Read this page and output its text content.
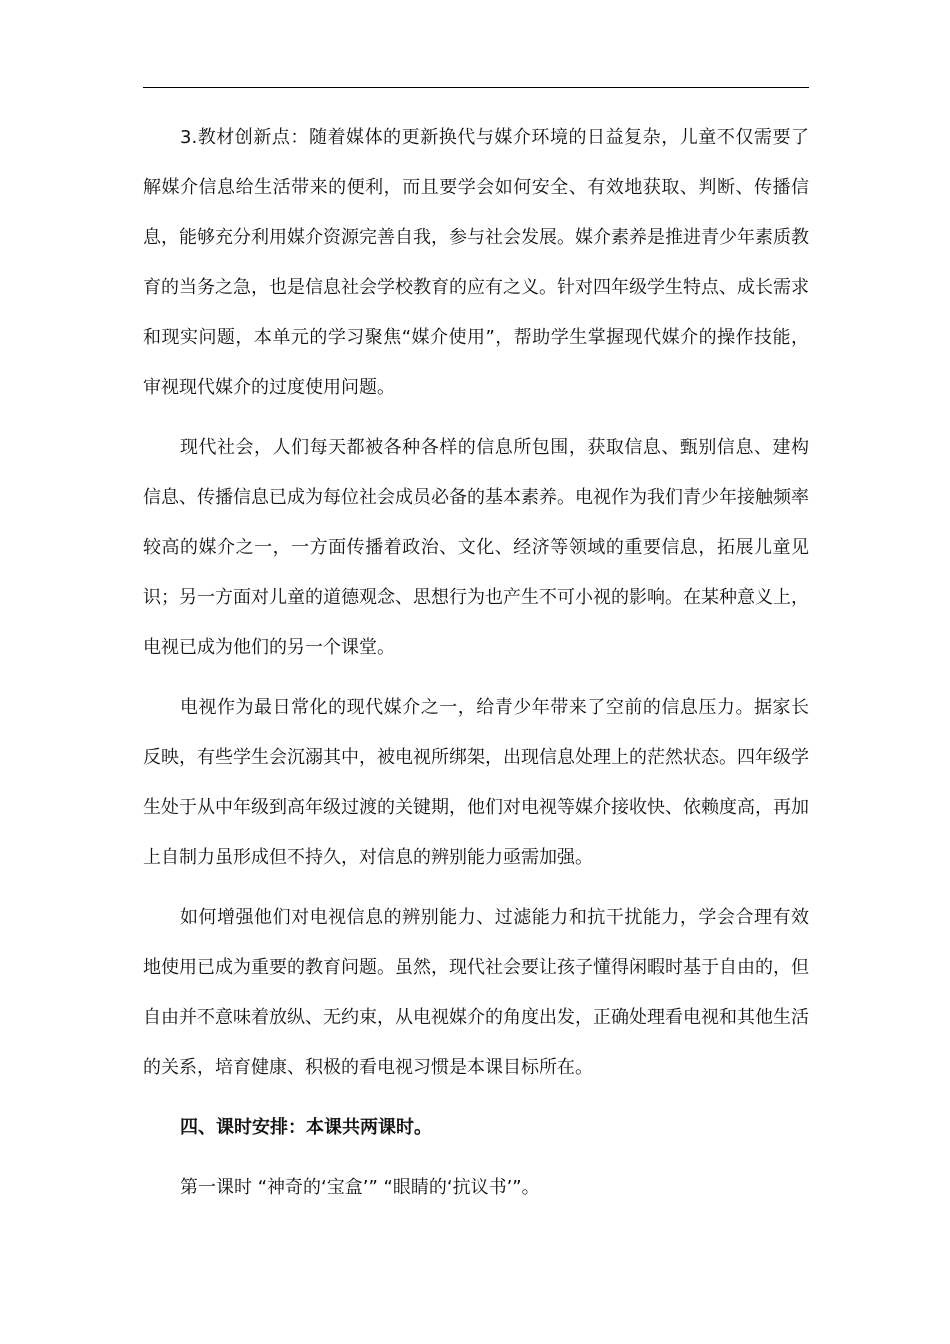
3.教材创新点：随着媒体的更新换代与媒介环境的日益复杂，儿童不仅需要了解媒介信息给生活带来的便利，而且要学会如何安全、有效地获取、判断、传播信息，能够充分利用媒介资源完善自我，参与社会发展。媒介素养是推进青少年素质教育的当务之急，也是信息社会学校教育的应有之义。针对四年级学生特点、成长需求和现实问题，本单元的学习聚焦“媒介使用”，帮助学生掌握现代媒介的操作技能，审视现代媒介的过度使用问题。

现代社会，人们每天都被各种各样的信息所包围，获取信息、甄别信息、建构信息、传播信息已成为每位社会成员必备的基本素养。电视作为我们青少年接触频率较高的媒介之一，一方面传播着政治、文化、经济等领域的重要信息，拓展儿童见识；另一方面对儿童的道德观念、思想行为也产生不可小视的影响。在某种意义上，电视已成为他们的另一个课堂。

电视作为最日常化的现代媒介之一，给青少年带来了空前的信息压力。据家长反映，有些学生会沉溺其中，被电视所绑架，出现信息处理上的茫然状态。四年级学生处于从中年级到高年级过渡的关键期，他们对电视等媒介接收快、依赖度高，再加上自制力虽形成但不持久，对信息的辨别能力亟需加强。

如何增强他们对电视信息的辨别能力、过滤能力和抗干扰能力，学会合理有效地使用已成为重要的教育问题。虽然，现代社会要让孩子懂得闲暇时基于自由的，但自由并不意味着放纵、无约束，从电视媒介的角度出发，正确处理看电视和其他生活的关系，培育健康、积极的看电视习惯是本课目标所在。

四、课时安排：本课共两课时。

第一课时 “神奇的‘宝盒’” “眼睛的‘抗议书’”。
